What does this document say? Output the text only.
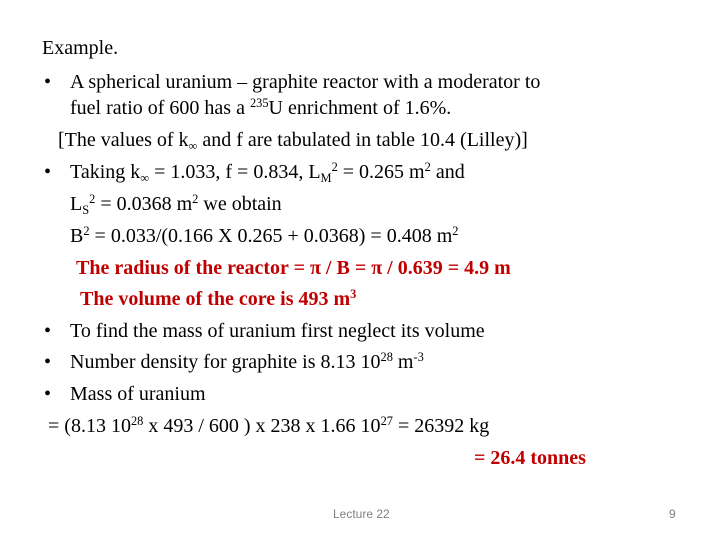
Example.
• A spherical uranium – graphite reactor with a moderator to
fuel ratio of 600 has a $^{235}$U enrichment of 1.6%.
[The values of $k_\infty$ and f are tabulated in table 10.4 (Lilley)]
• Taking $k_\infty = 1.033$, f = 0.834, $L_M^2 = 0.265$ $m^2$ and
$L_S^2 = 0.0368$ $m^2$ we obtain
$B^2 = 0.033/(0.166$ X 0.265 + 0.0368) = 0.408 $m^2$
The radius of the reactor = π / B = π / 0.639 = 4.9 m
The volume of the core is 493 $m^3$
• To find the mass of uranium first neglect its volume
• Number density for graphite is 8.13 $10^{28}$ $m^{-3}$
• Mass of uranium
= (8.13 $10^{28}$ x 493 / 600 ) x 238 x 1.66 $10^{27} = 26392$ kg
= 26.4 tonnes
Lecture 22	9
